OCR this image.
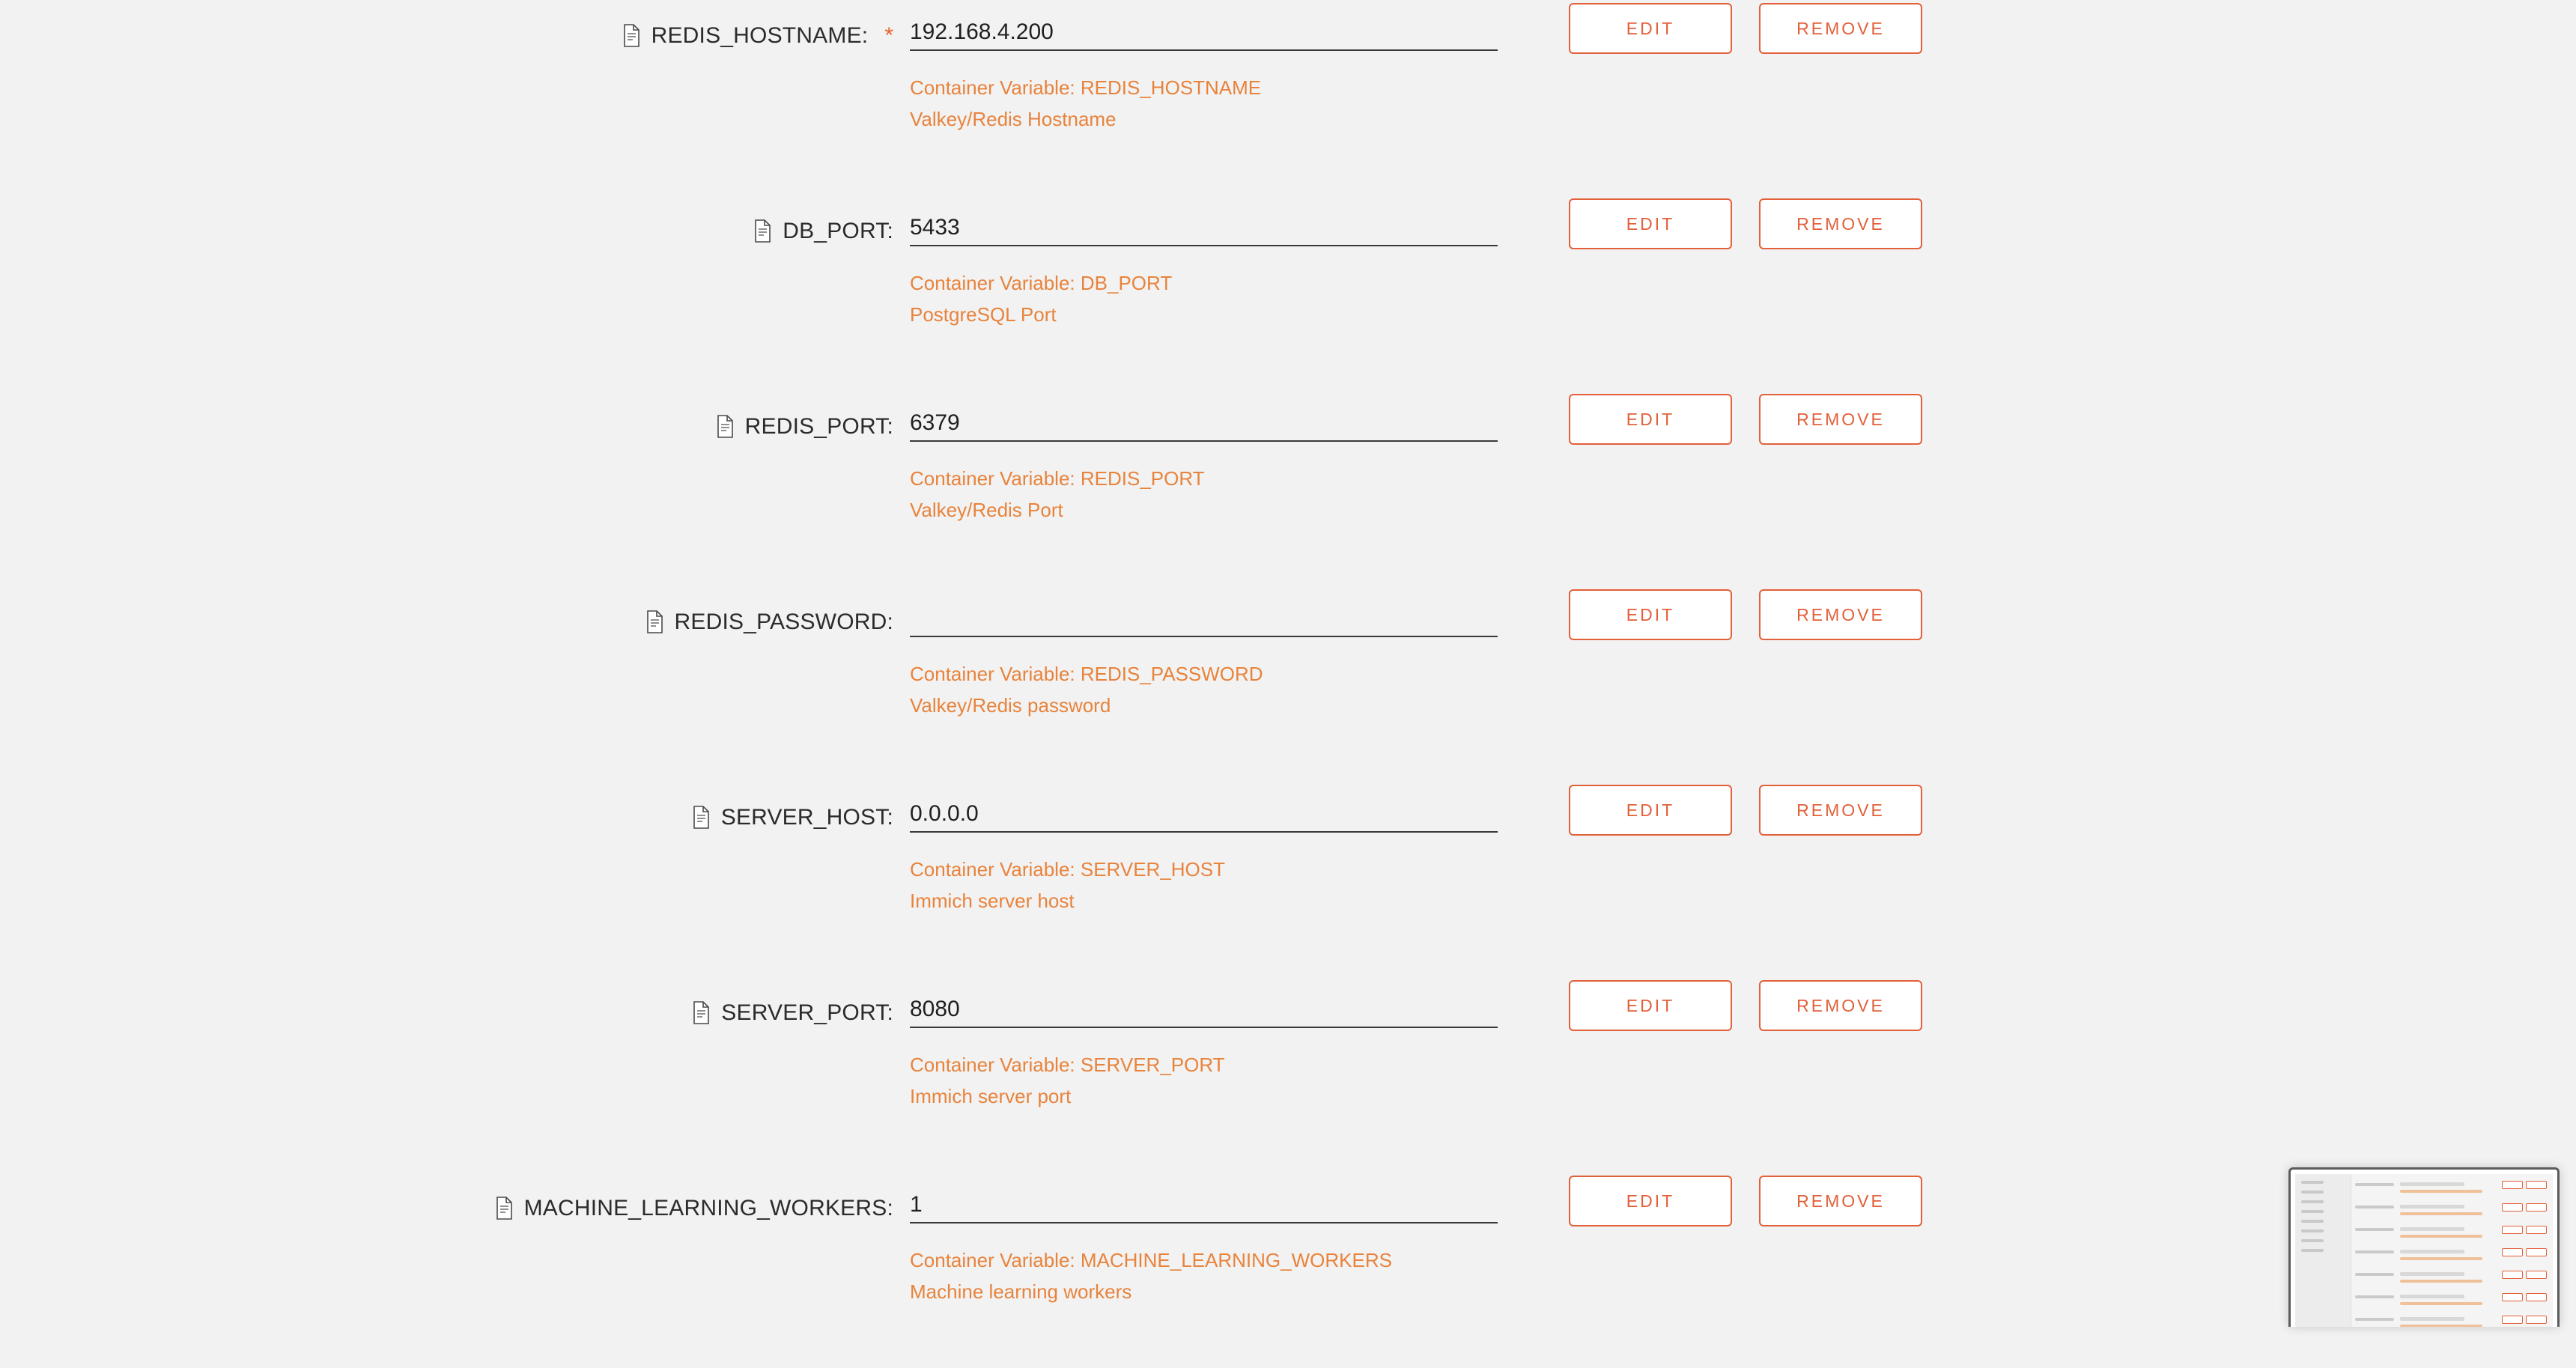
REDIS_HOSTNAME: * 192.168.4.200
Container Variable: REDIS_HOSTNAME
Valkey/Redis Hostname
EDIT	REMOVE
DB_PORT: 5433
Container Variable: DB_PORT
PostgreSQL Port
EDIT	REMOVE
REDIS_PORT: 6379
Container Variable: REDIS_PORT
Valkey/Redis Port
EDIT	REMOVE
REDIS_PASSWORD:
Container Variable: REDIS_PASSWORD
Valkey/Redis password
EDIT	REMOVE
SERVER_HOST: 0.0.0.0
Container Variable: SERVER_HOST
Immich server host
EDIT	REMOVE
SERVER_PORT: 8080
Container Variable: SERVER_PORT
Immich server port
EDIT	REMOVE
MACHINE_LEARNING_WORKERS: 1
Container Variable: MACHINE_LEARNING_WORKERS
Machine learning workers
EDIT	REMOVE
